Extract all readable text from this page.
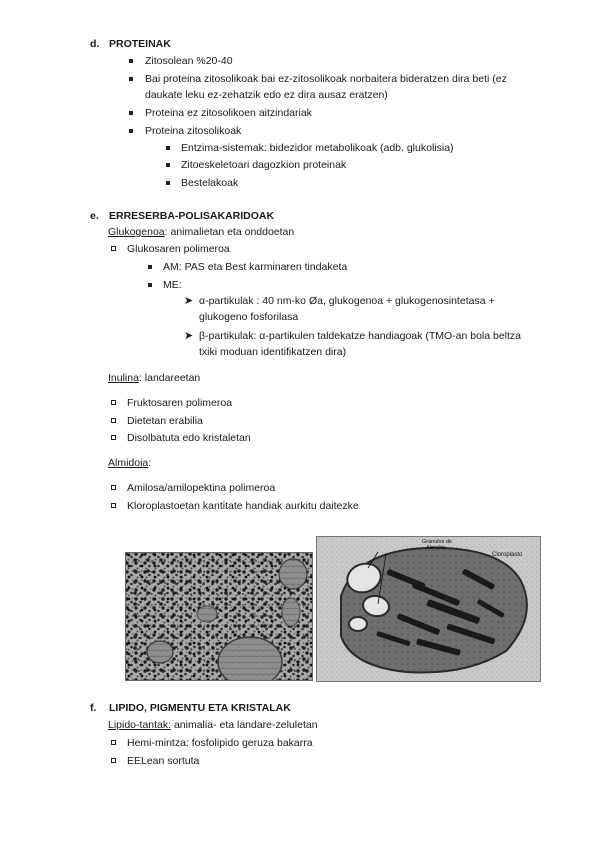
d. PROTEINAK
Zitosolean %20-40
Bai proteina zitosolikoak bai ez-zitosolikoak norbaitera bideratzen dira beti (ez
daukate leku ez-zehatzik edo ez dira ausaz eratzen)
Proteina ez zitosolikoen aitzindariak
Proteina zitosolikoak
Entzima-sistemak: bidezidor metabolikoak (adb. glukolisia)
Zitoeskeletoari dagozkion proteinak
Bestelakoak
e. ERRESERBA-POLISAKARIDOAK
Glukogenoa: animalietan eta onddoetan
Glukosaren polimeroa
AM: PAS eta Best karminaren tindaketa
ME:
➤ α-partikulak : 40 nm-ko Øa, glukogenoa + glukogenosintetasa +
glukogeno fosforilasa
➤ β-partikulak: α-partikulen taldekatze handiagoak (TMO-an bola beltza
txiki moduan identifikatzen dira)
Inulina: landareetan
Fruktosaren polimeroa
Dietetan erabilia
Disolbatuta edo kristaletan
Almidoia:
Amilosa/amilopektina polimeroa
Kloroplastoetan kantitate handiak aurkitu daitezke
Gránulos de
Almidón
Cloroplasto
f. LIPIDO, PIGMENTU ETA KRISTALAK
Lipido-tantak: animalia- eta landare-zeluletan
Hemi-mintza: fosfolipido geruza bakarra
EELean sortuta
